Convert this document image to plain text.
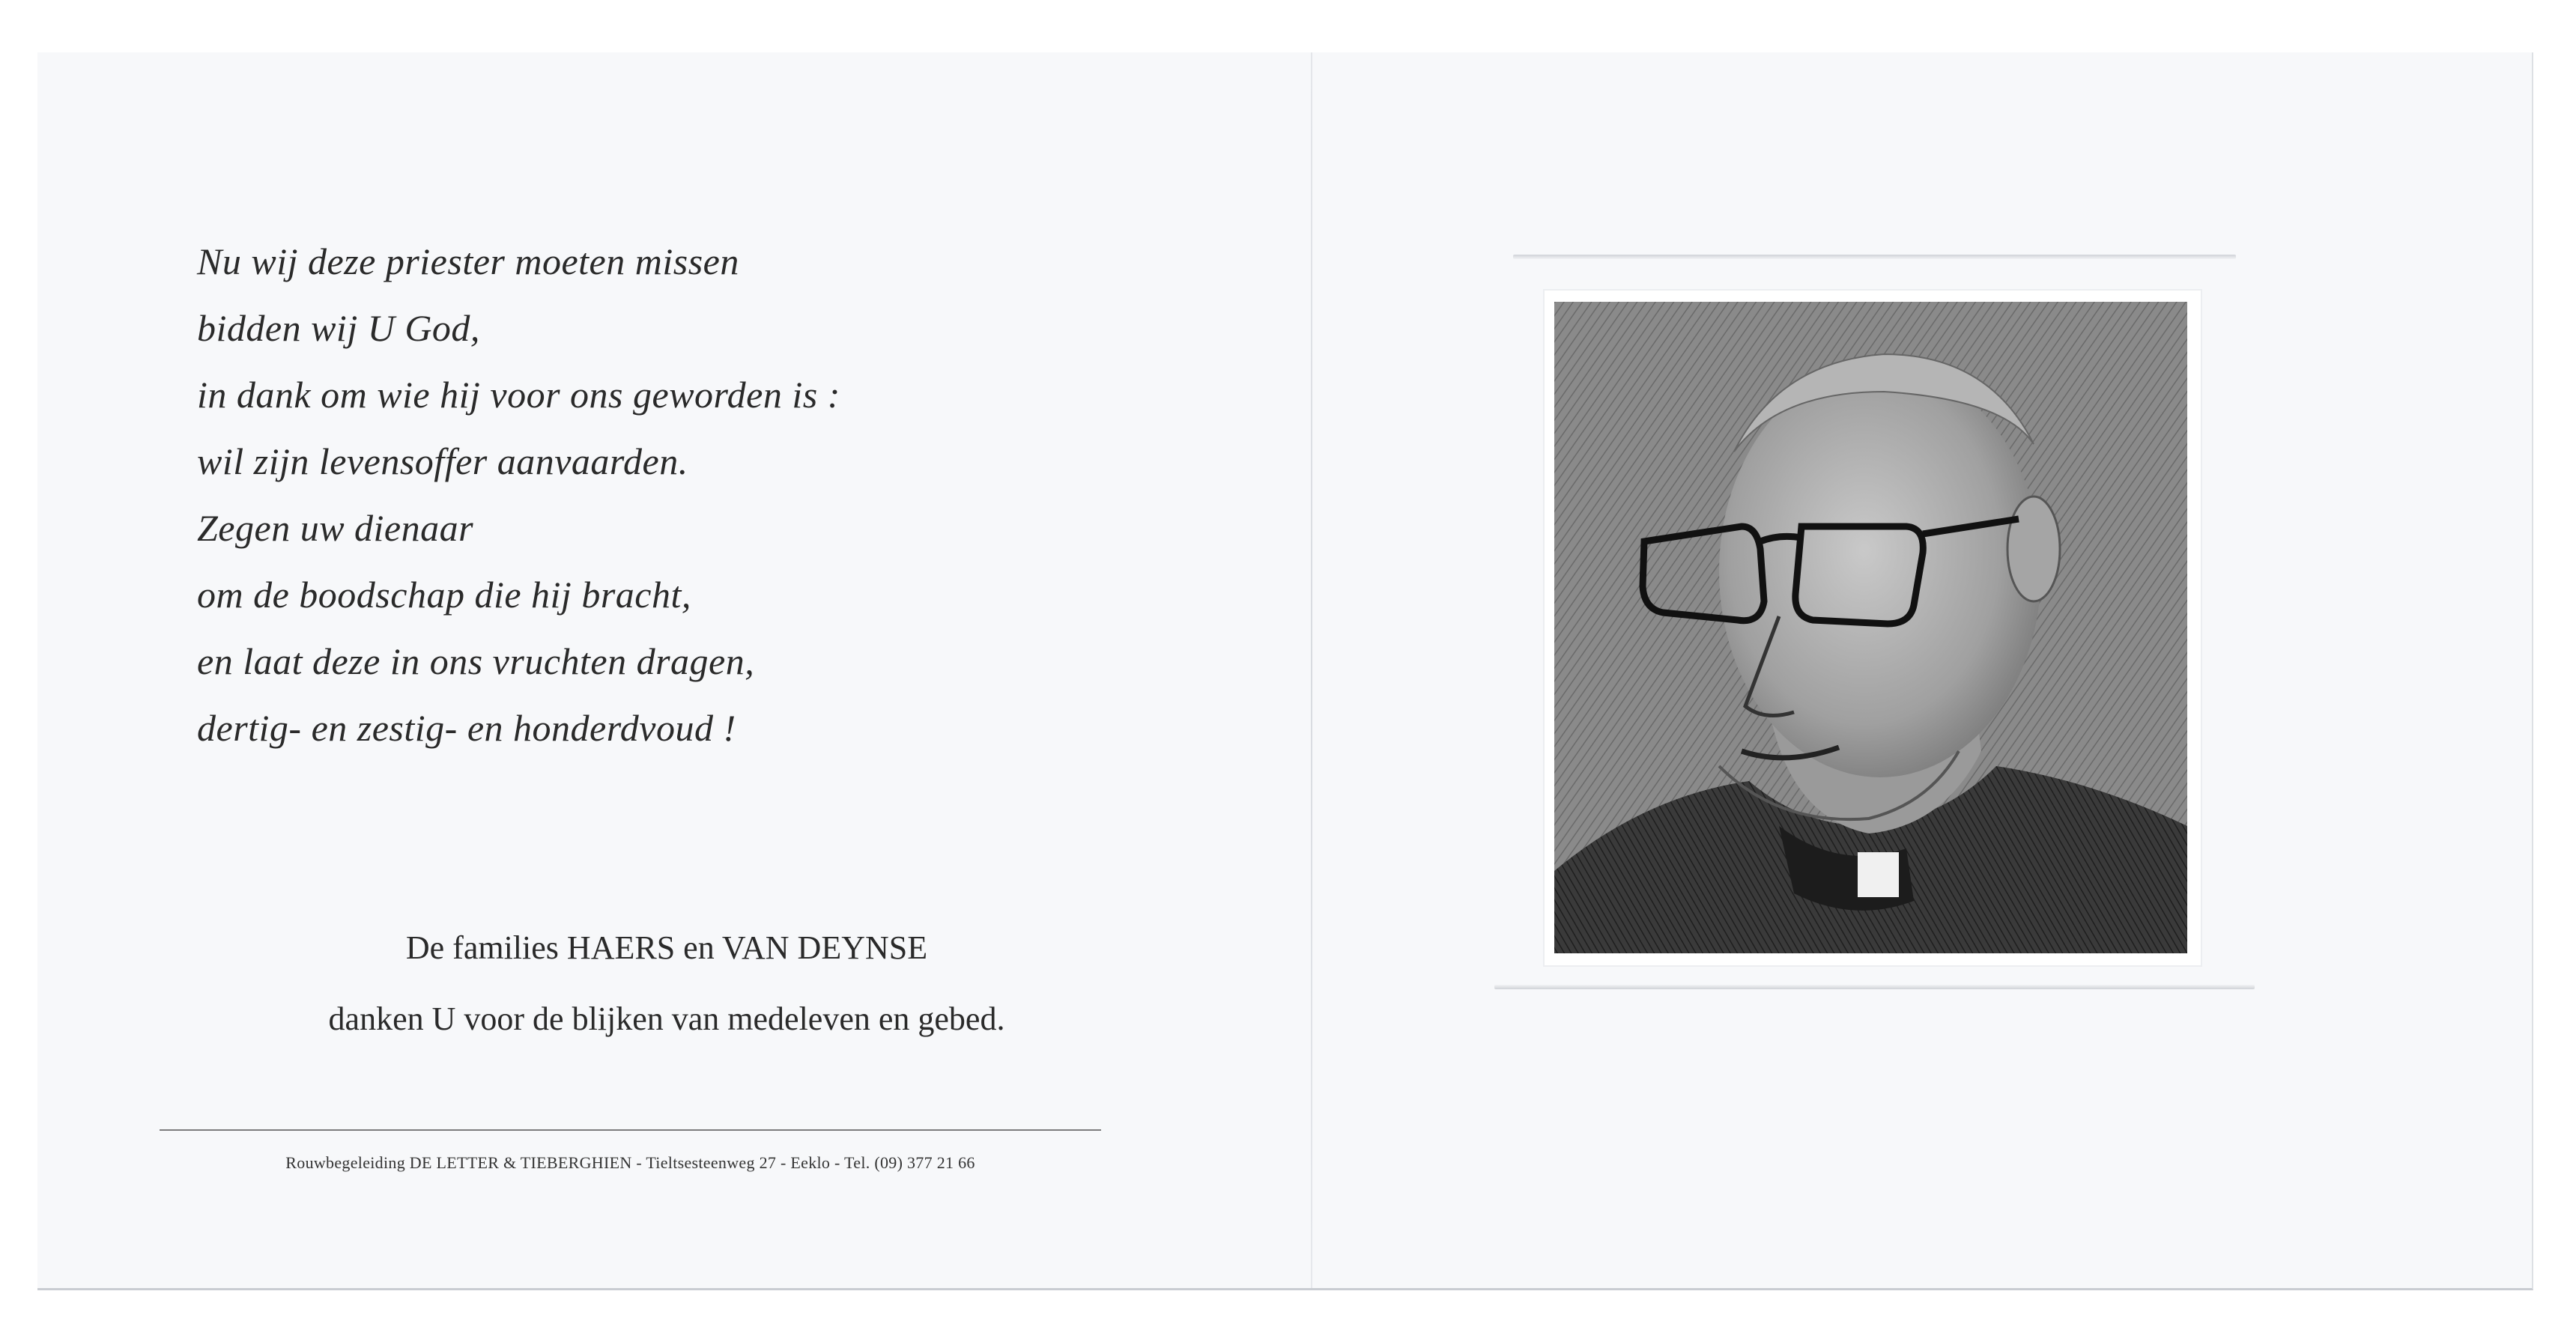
Nu wij deze priester moeten missen
bidden wij U God,
in dank om wie hij voor ons geworden is :
wil zijn levensoffer aanvaarden.
Zegen uw dienaar
om de boodschap die hij bracht,
en laat deze in ons vruchten dragen,
dertig- en zestig- en honderdvoud !
De families HAERS en VAN DEYNSE
danken U voor de blijken van medeleven en gebed.
Rouwbegeleiding DE LETTER & TIEBERGHIEN - Tieltsesteenweg 27 - Eeklo - Tel. (09) 377 21 66
